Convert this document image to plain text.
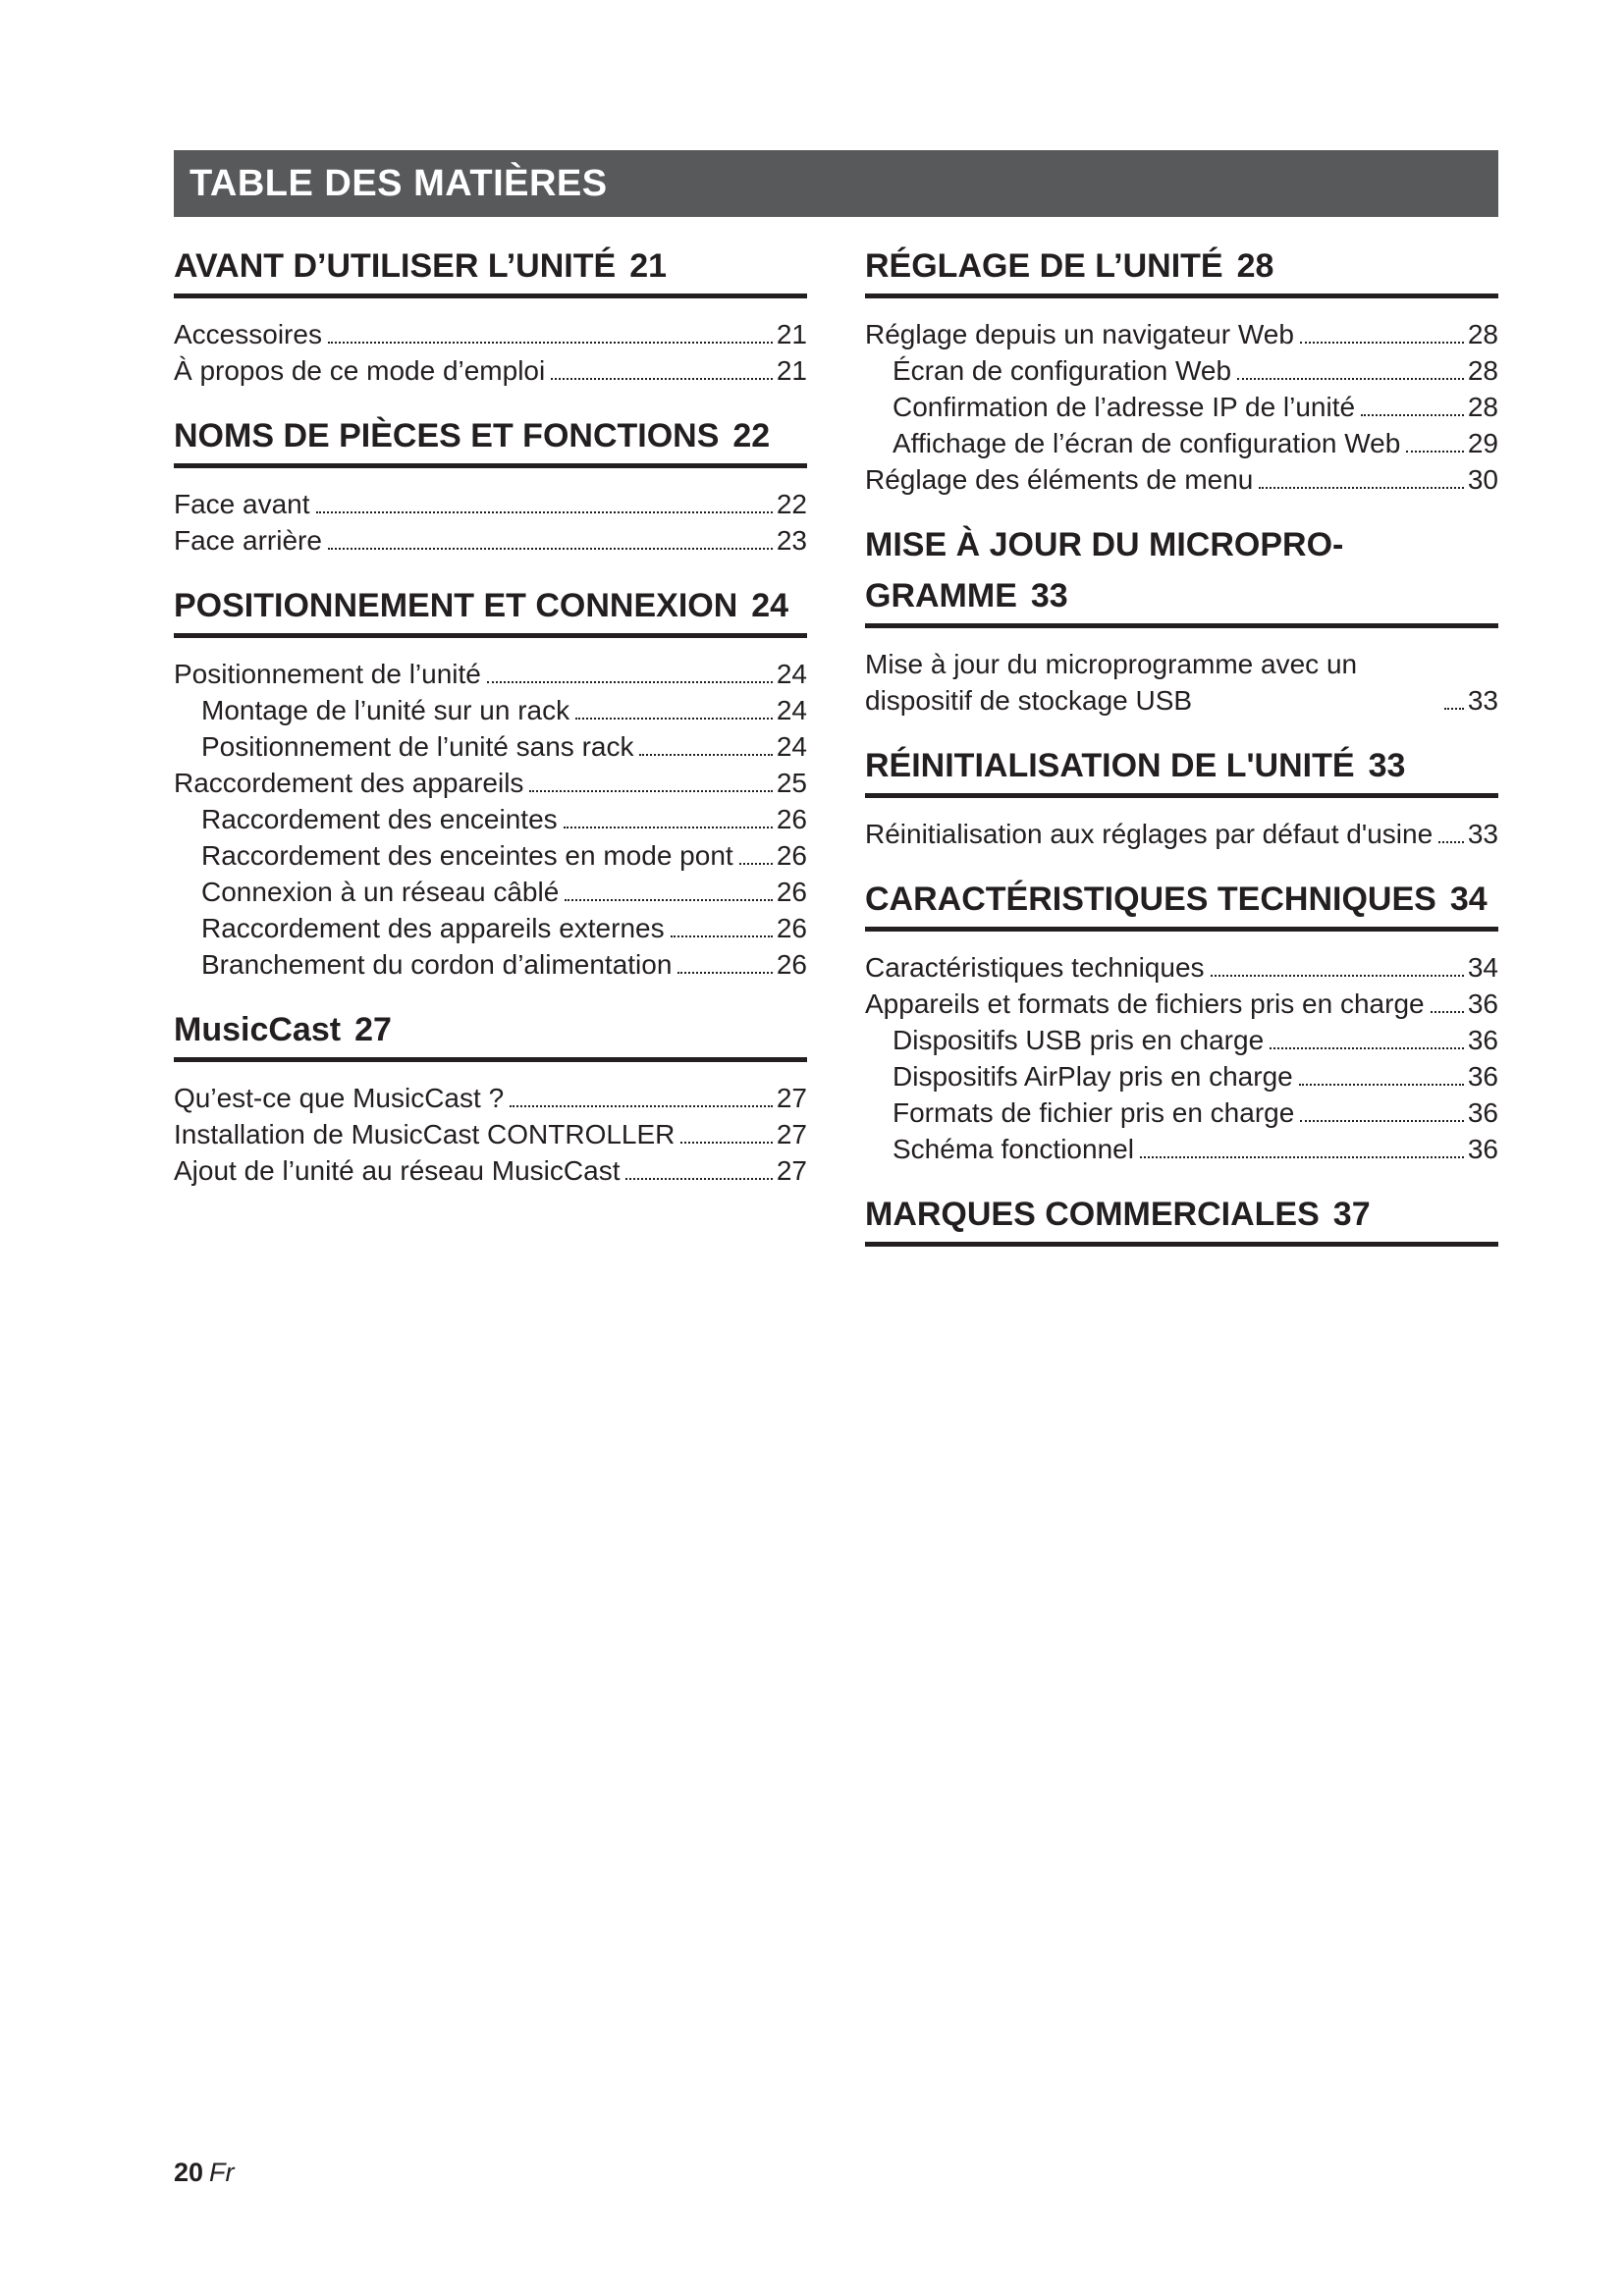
TABLE DES MATIÈRES
AVANT D’UTILISER L’UNITÉ 21
Accessoires	21
À propos de ce mode d’emploi	21
NOMS DE PIÈCES ET FONCTIONS 22
Face avant	22
Face arrière	23
POSITIONNEMENT ET CONNEXION 24
Positionnement de l’unité	24
Montage de l’unité sur un rack	24
Positionnement de l’unité sans rack	24
Raccordement des appareils	25
Raccordement des enceintes	26
Raccordement des enceintes en mode pont 26
Connexion à un réseau câblé	26
Raccordement des appareils externes	26
Branchement du cordon d’alimentation	26
MusicCast 27
Qu’est-ce que MusicCast ?	27
Installation de MusicCast CONTROLLER	27
Ajout de l’unité au réseau MusicCast	27
RÉGLAGE DE L’UNITÉ 28
Réglage depuis un navigateur Web	28
Écran de configuration Web	28
Confirmation de l’adresse IP de l’unité	28
Affichage de l’écran de configuration Web 29
Réglage des éléments de menu	30
MISE À JOUR DU MICROPRO-GRAMME 33
Mise à jour du microprogramme avec un dispositif de stockage USB	33
RÉINITIALISATION DE L'UNITÉ 33
Réinitialisation aux réglages par défaut d'usine 33
CARACTÉRISTIQUES TECHNIQUES 34
Caractéristiques techniques	34
Appareils et formats de fichiers pris en charge 36
Dispositifs USB pris en charge	36
Dispositifs AirPlay pris en charge	36
Formats de fichier pris en charge	36
Schéma fonctionnel	36
MARQUES COMMERCIALES 37
20 Fr
